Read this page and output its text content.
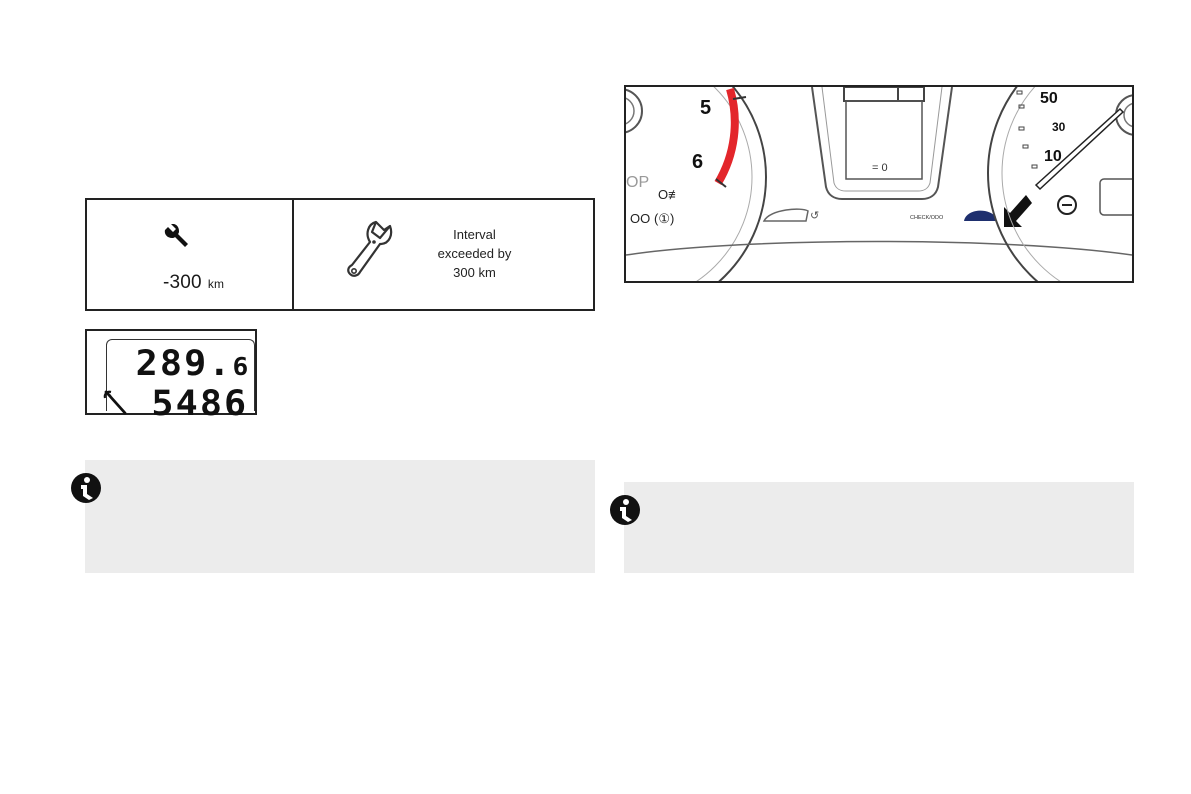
-300 km
Interval
exceeded by
300 km
289.6
5486
5
6
OP
O≢
OO (①)
= 0
↺	CHECK/ODO
50
30
10
